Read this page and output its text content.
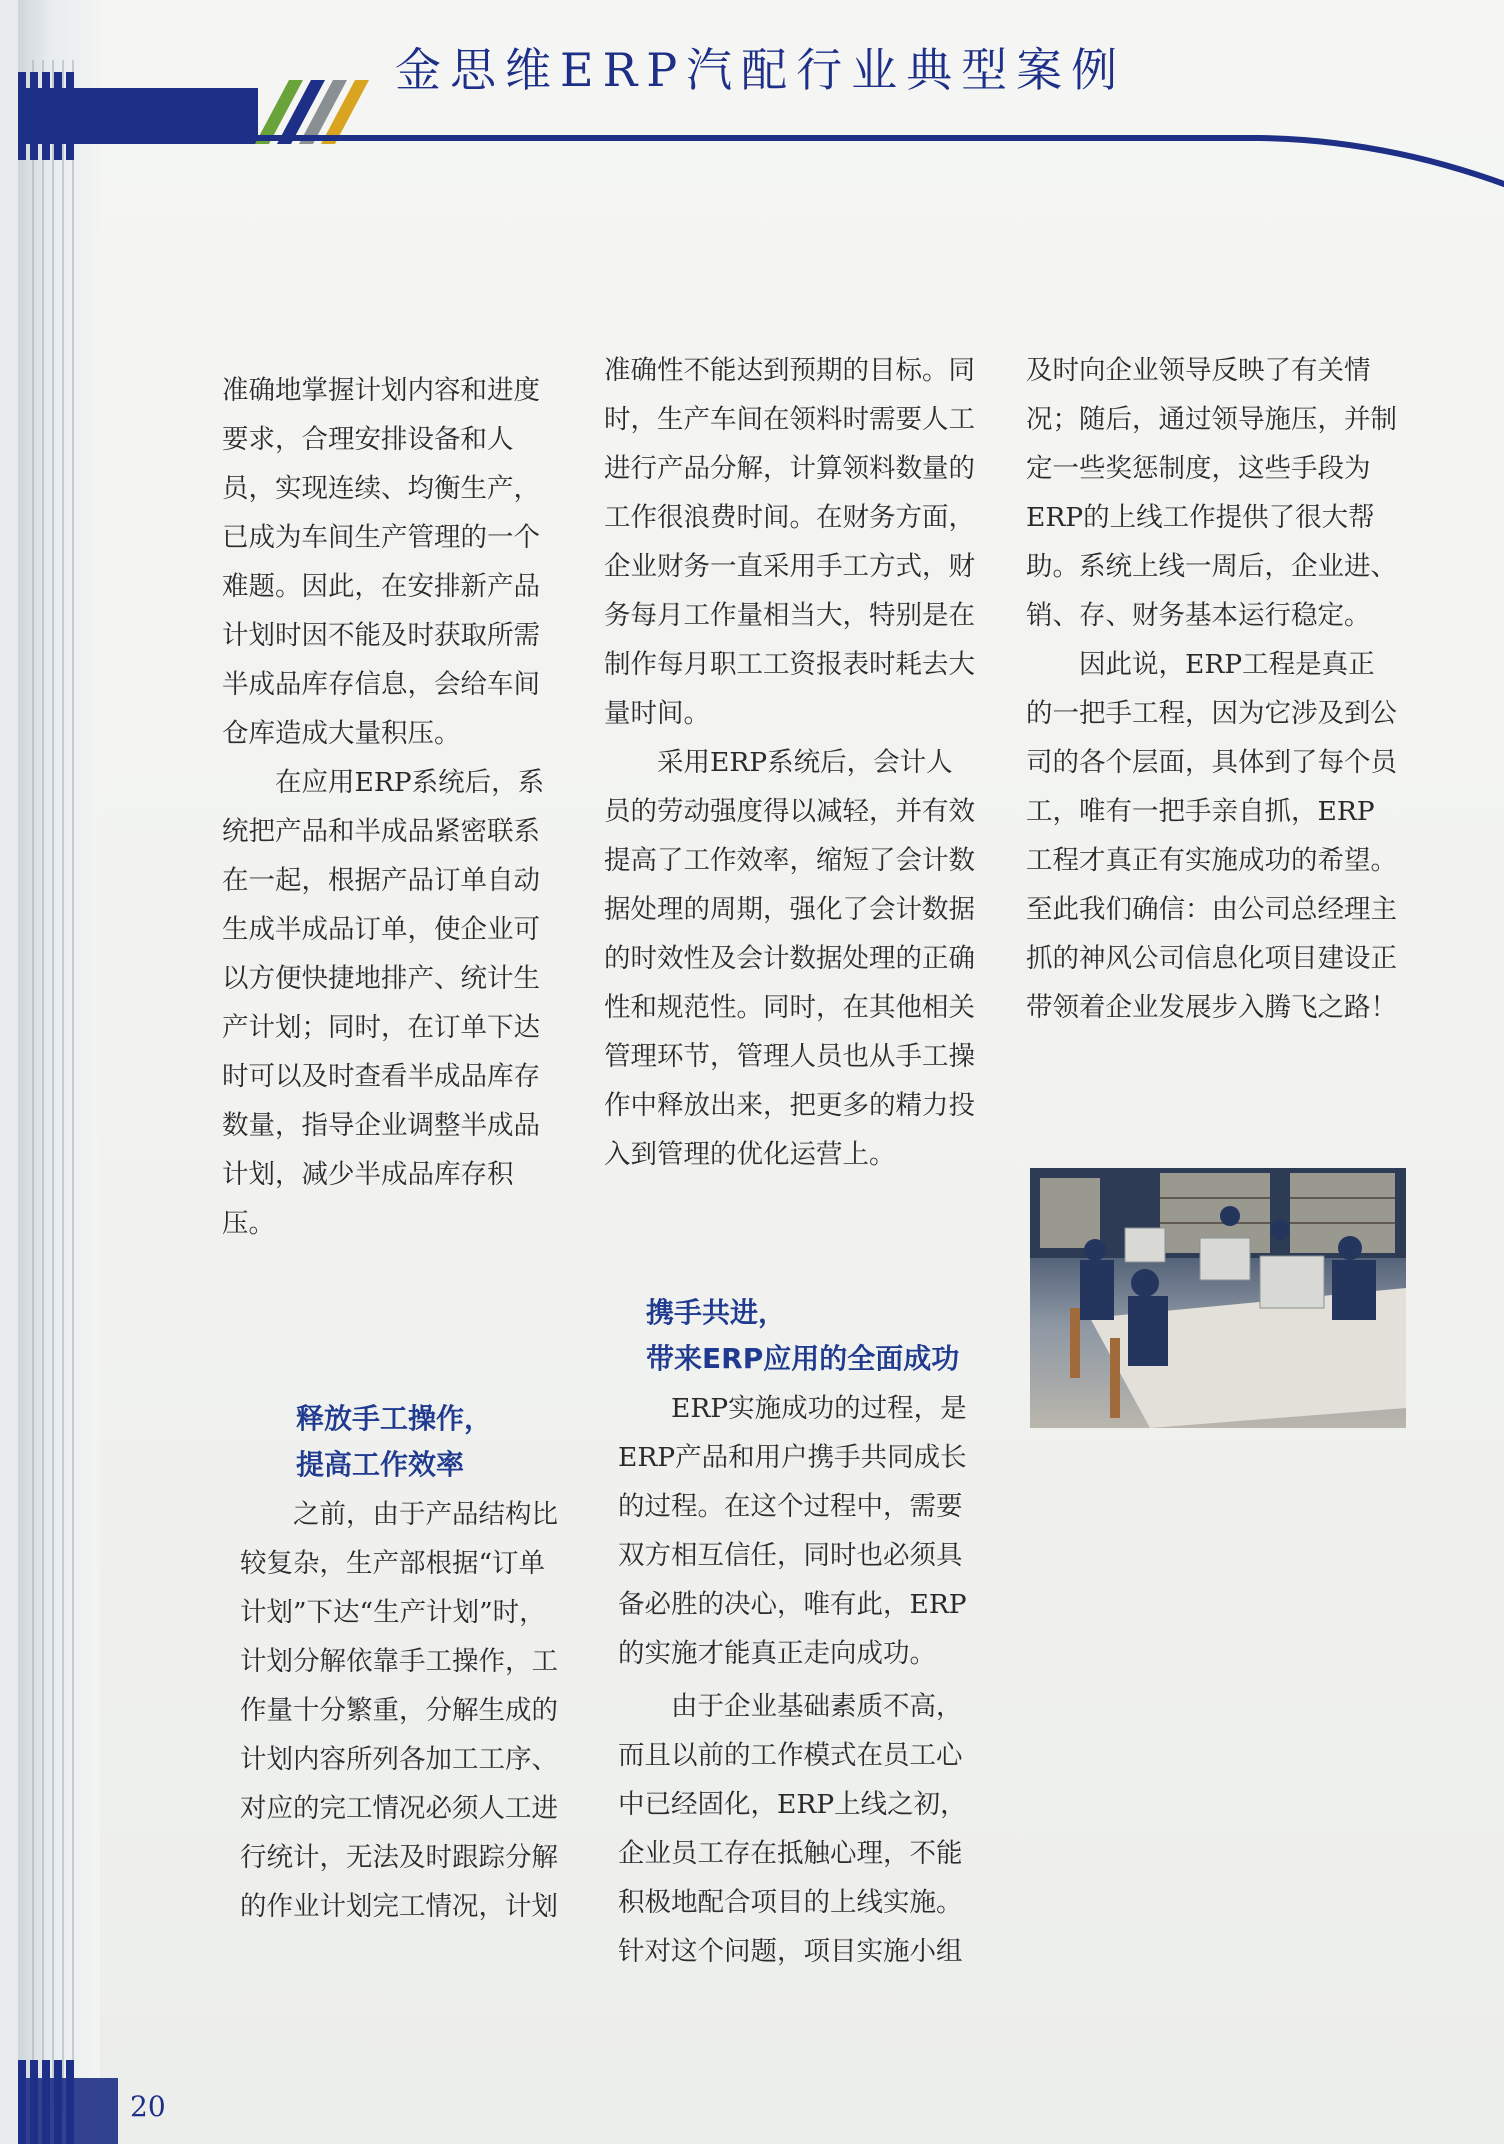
金思维ERP汽配行业典型案例

准确地掌握计划内容和进度要求，合理安排设备和人员，实现连续、均衡生产，已成为车间生产管理的一个难题。因此，在安排新产品计划时因不能及时获取所需半成品库存信息，会给车间仓库造成大量积压。

在应用ERP系统后，系统把产品和半成品紧密联系在一起，根据产品订单自动生成半成品订单，使企业可以方便快捷地排产、统计生产计划；同时，在订单下达时可以及时查看半成品库存数量，指导企业调整半成品计划，减少半成品库存积压。

释放手工操作，
提高工作效率

之前，由于产品结构比较复杂，生产部根据“订单计划”下达“生产计划”时，计划分解依靠手工操作，工作量十分繁重，分解生成的计划内容所列各加工工序、对应的完工情况必须人工进行统计，无法及时跟踪分解的作业计划完工情况，计划

准确性不能达到预期的目标。同时，生产车间在领料时需要人工进行产品分解，计算领料数量的工作很浪费时间。在财务方面，企业财务一直采用手工方式，财务每月工作量相当大，特别是在制作每月职工工资报表时耗去大量时间。

采用ERP系统后，会计人员的劳动强度得以减轻，并有效提高了工作效率，缩短了会计数据处理的周期，强化了会计数据的时效性及会计数据处理的正确性和规范性。同时，在其他相关管理环节，管理人员也从手工操作中释放出来，把更多的精力投入到管理的优化运营上。

携手共进，
带来ERP应用的全面成功

ERP实施成功的过程，是ERP产品和用户携手共同成长的过程。在这个过程中，需要双方相互信任，同时也必须具备必胜的决心，唯有此，ERP的实施才能真正走向成功。

由于企业基础素质不高，而且以前的工作模式在员工心中已经固化，ERP上线之初，企业员工存在抵触心理，不能积极地配合项目的上线实施。针对这个问题，项目实施小组

及时向企业领导反映了有关情况；随后，通过领导施压，并制定一些奖惩制度，这些手段为ERP的上线工作提供了很大帮助。系统上线一周后，企业进、销、存、财务基本运行稳定。

因此说，ERP工程是真正的一把手工程，因为它涉及到公司的各个层面，具体到了每个员工，唯有一把手亲自抓，ERP工程才真正有实施成功的希望。至此我们确信：由公司总经理主抓的神风公司信息化项目建设正带领着企业发展步入腾飞之路！

20
